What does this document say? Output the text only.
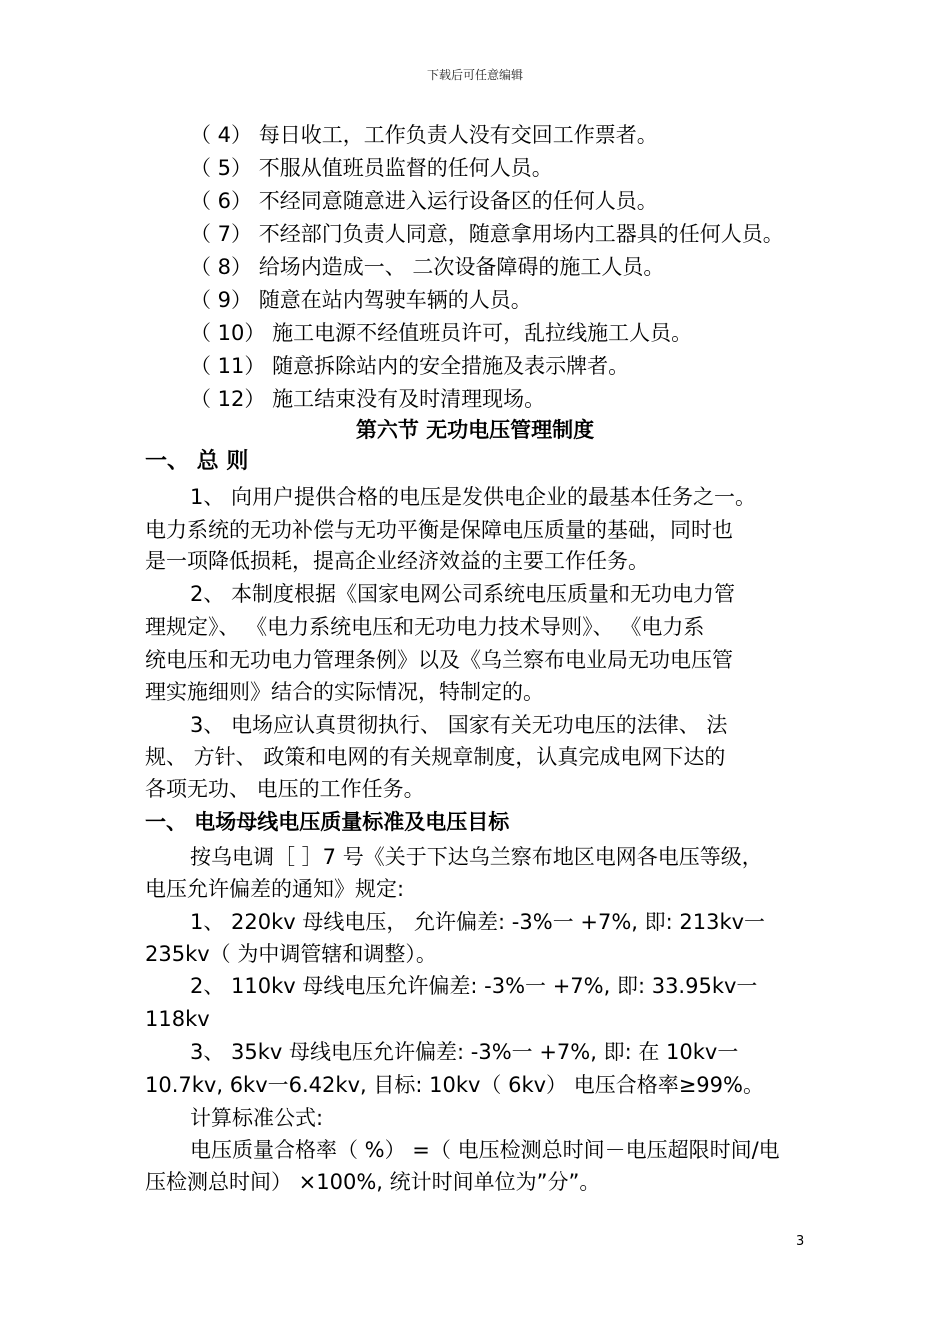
下载后可任意编辑
（ 4） 每日收工，工作负责人没有交回工作票者。
（ 5） 不服从值班员监督的任何人员。
（ 6） 不经同意随意进入运行设备区的任何人员。
（ 7） 不经部门负责人同意，随意拿用场内工器具的任何人员。
（ 8） 给场内造成一、 二次设备障碍的施工人员。
（ 9） 随意在站内驾驶车辆的人员。
（ 10） 施工电源不经值班员许可，乱拉线施工人员。
（ 11） 随意拆除站内的安全措施及表示牌者。
（ 12） 施工结束没有及时清理现场。
第六节 无功电压管理制度
一、 总 则
1、 向用户提供合格的电压是发供电企业的最基本任务之一。
电力系统的无功补偿与无功平衡是保障电压质量的基础，同时也
是一项降低损耗，提高企业经济效益的主要工作任务。
2、 本制度根据《国家电网公司系统电压质量和无功电力管
理规定》、 《电力系统电压和无功电力技术导则》、 《电力系
统电压和无功电力管理条例》以及《乌兰察布电业局无功电压管
理实施细则》结合的实际情况，特制定的。
3、 电场应认真贯彻执行、 国家有关无功电压的法律、 法
规、 方针、 政策和电网的有关规章制度，认真完成电网下达的
各项无功、 电压的工作任务。
一、 电场母线电压质量标准及电压目标
按乌电调［ ］7 号《关于下达乌兰察布地区电网各电压等级，
电压允许偏差的通知》规定:
1、 220kv 母线电压， 允许偏差: -3%一 +7%, 即: 213kv一
235kv（ 为中调管辖和调整）。
2、 110kv 母线电压允许偏差: -3%一 +7%, 即: 33.95kv一
118kv
3、 35kv 母线电压允许偏差: -3%一 +7%, 即: 在 10kv一
10.7kv, 6kv一6.42kv, 目标: 10kv（ 6kv） 电压合格率≥99%。
计算标准公式:
电压质量合格率（ %） =（ 电压检测总时间－电压超限时间/电
压检测总时间） ×100%, 统计时间单位为”分”。
3
